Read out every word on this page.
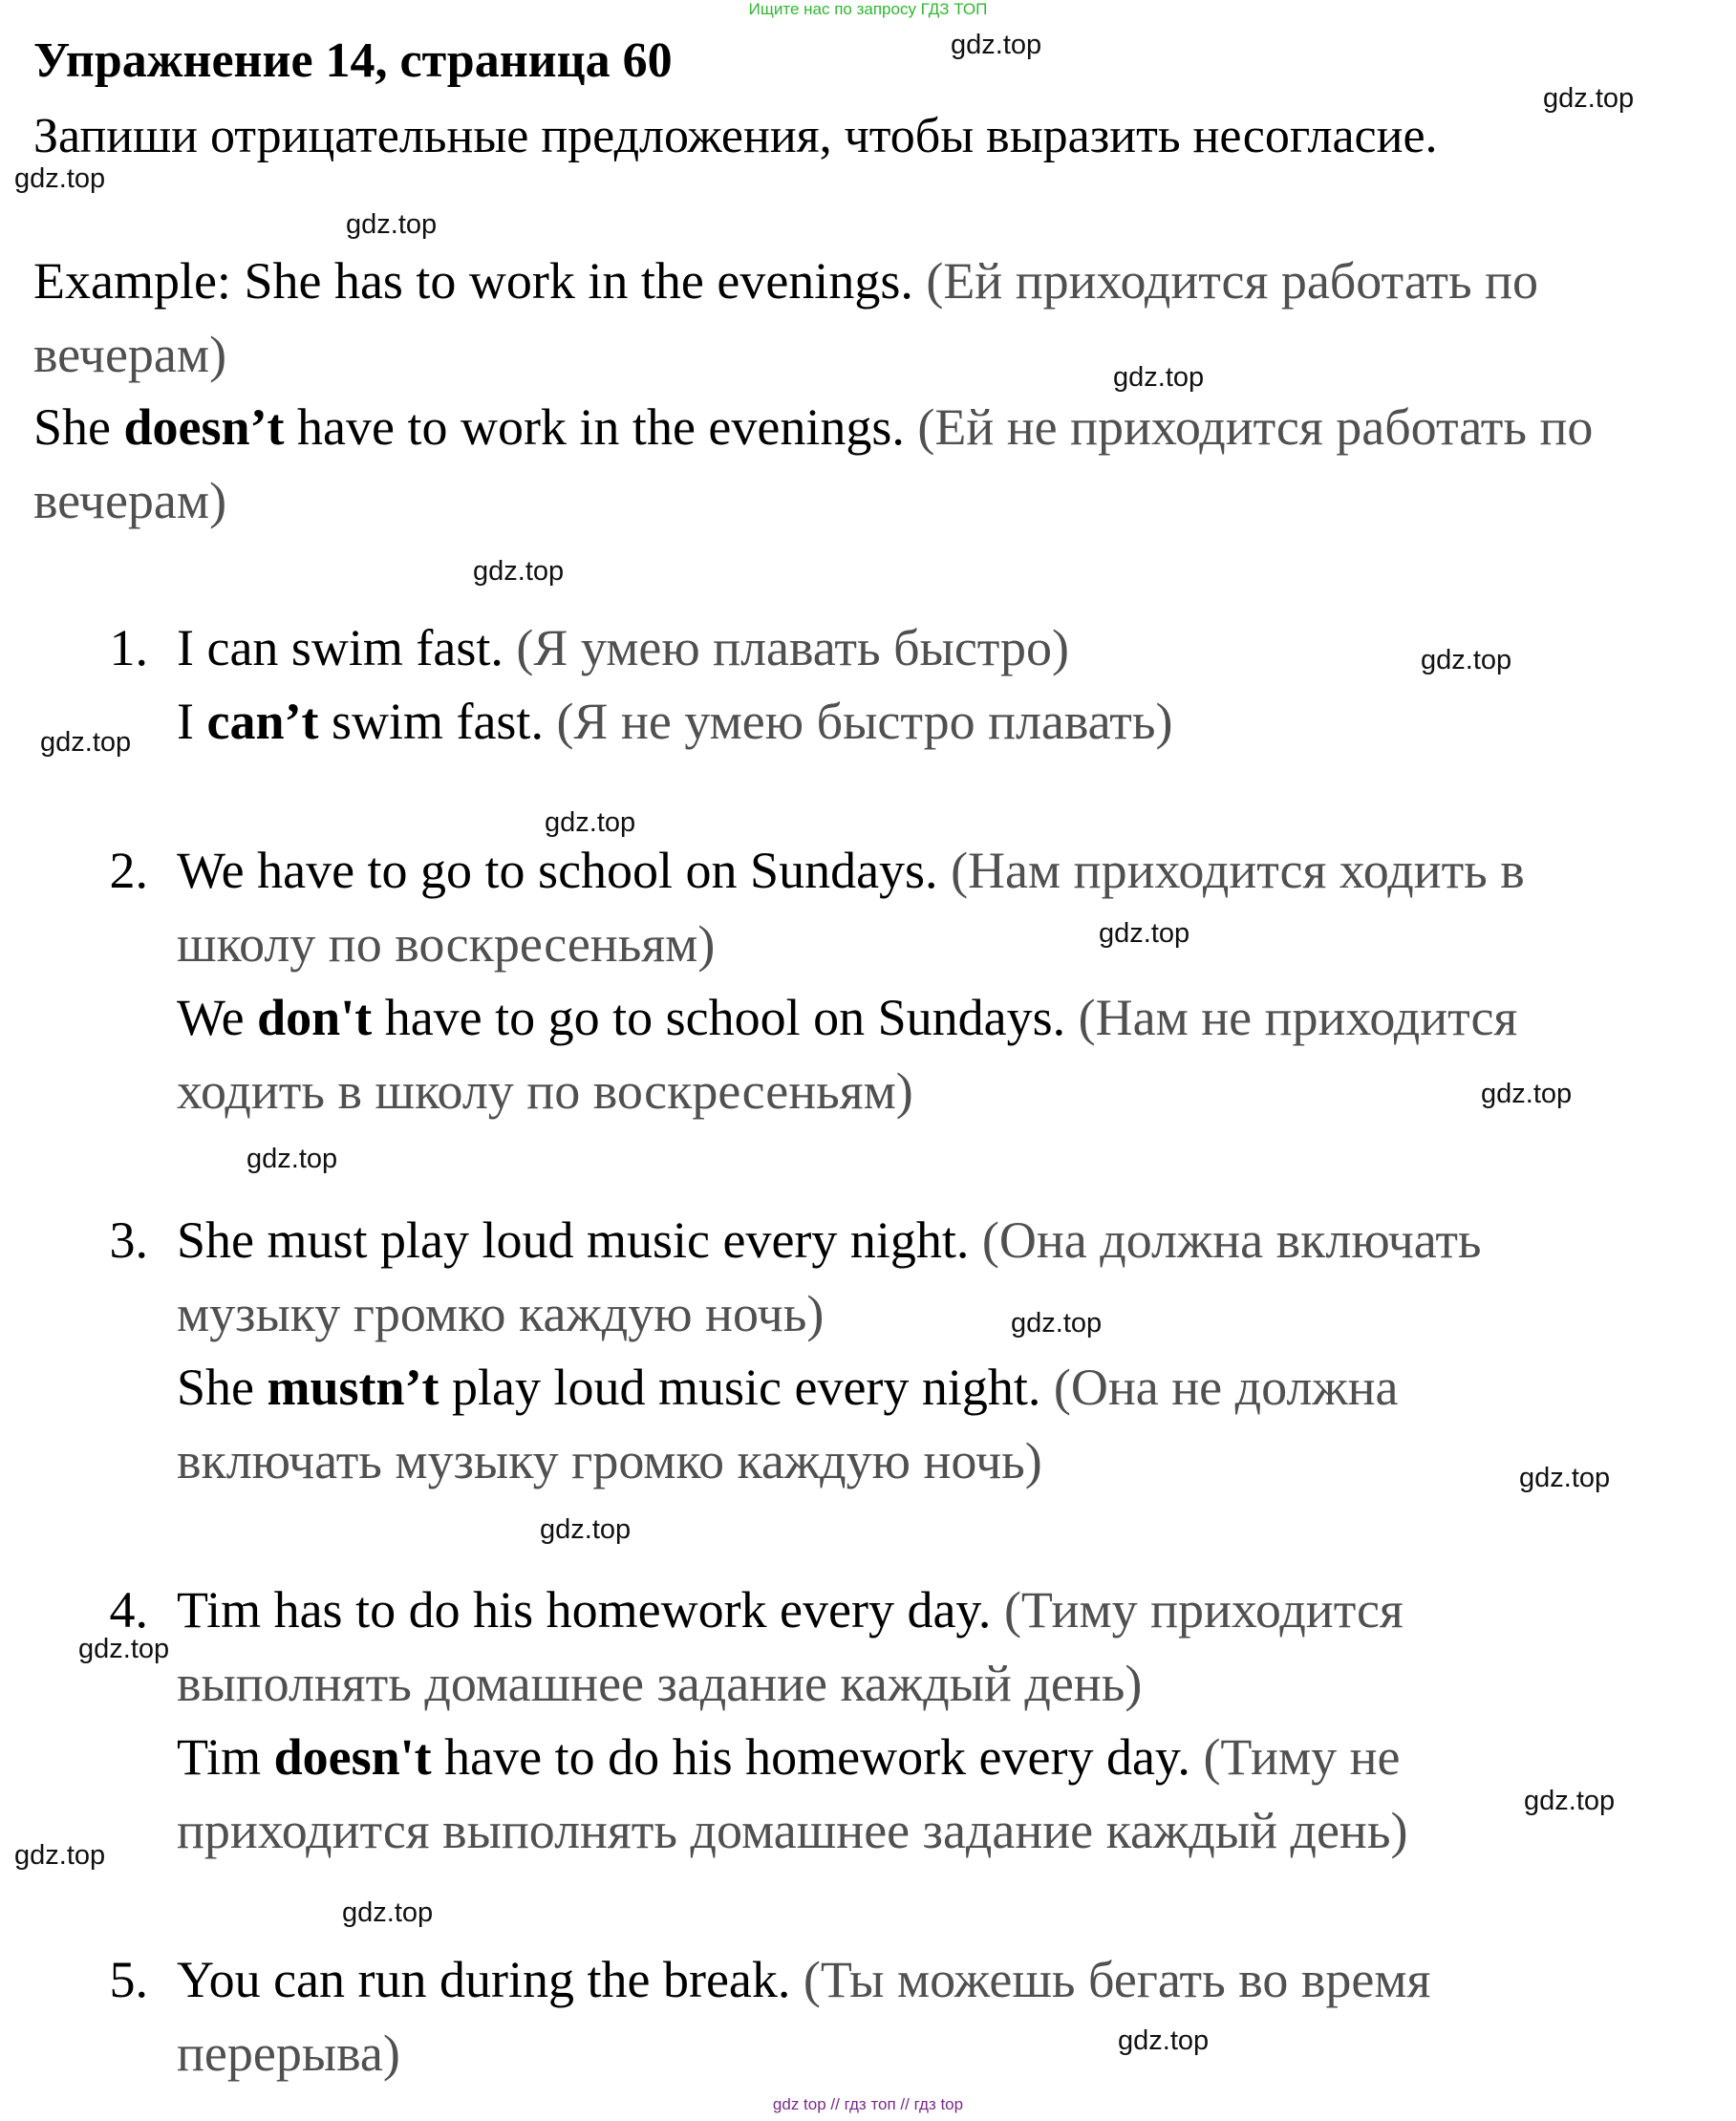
Ищите нас по запросу ГДЗ ТОП
Упражнение 14, страница 60
Запиши отрицательные предложения, чтобы выразить несогласие.
Example: She has to work in the evenings. (Ей приходится работать по
вечерам)
She doesn’t have to work in the evenings. (Ей не приходится работать по
вечерам)
1. I can swim fast. (Я умею плавать быстро)
I can’t swim fast. (Я не умею быстро плавать)
2. We have to go to school on Sundays. (Нам приходится ходить в
школу по воскресеньям)
We don't have to go to school on Sundays. (Нам не приходится
ходить в школу по воскресеньям)
3. She must play loud music every night. (Она должна включать
музыку громко каждую ночь)
She mustn’t play loud music every night. (Она не должна
включать музыку громко каждую ночь)
4. Tim has to do his homework every day. (Тиму приходится
выполнять домашнее задание каждый день)
Tim doesn't have to do his homework every day. (Тиму не
приходится выполнять домашнее задание каждый день)
5. You can run during the break. (Ты можешь бегать во время
перерыва)
gdz.top
gdz.top
gdz.top
gdz.top
gdz.top
gdz.top
gdz.top
gdz.top
gdz.top
gdz.top
gdz.top
gdz.top
gdz.top
gdz.top
gdz.top
gdz.top
gdz.top
gdz.top
gdz.top
gdz.top
gdz top // гдз топ // гдз top
